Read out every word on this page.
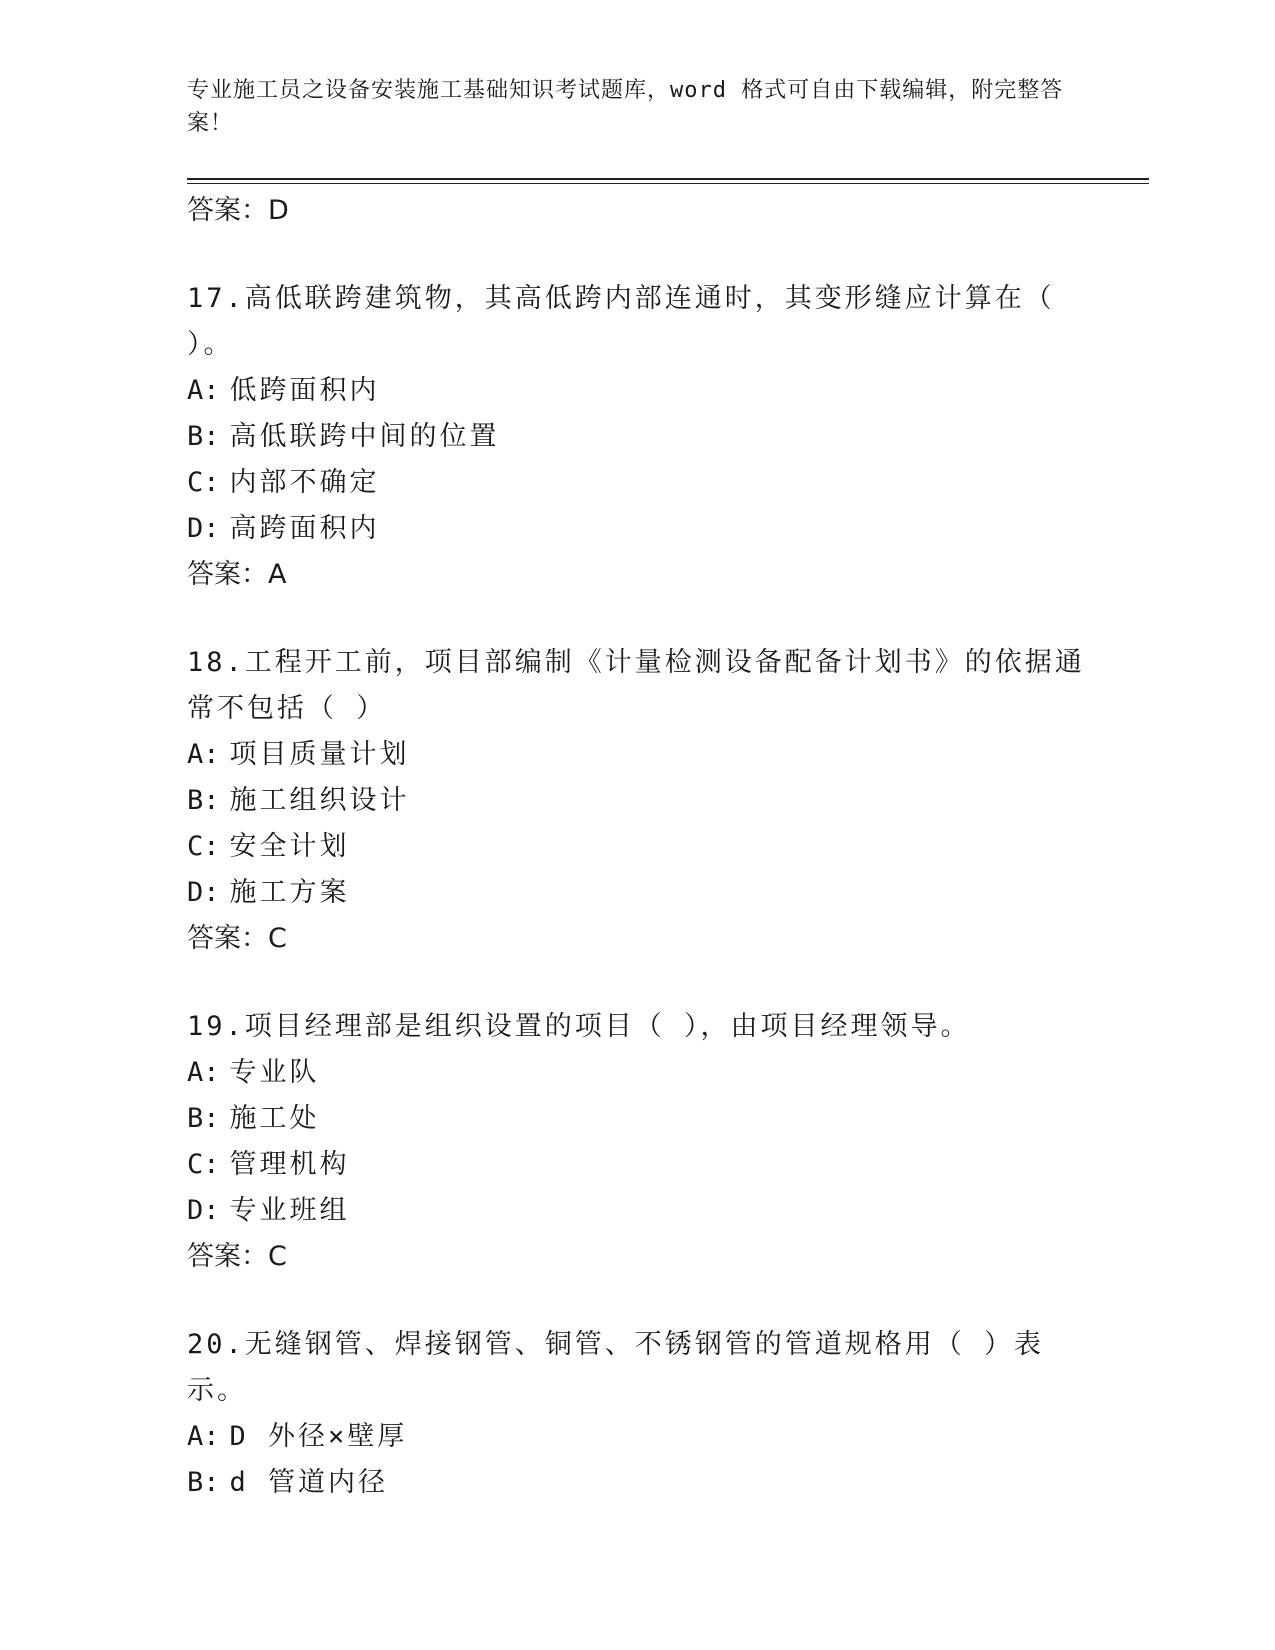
专业施工员之设备安装施工基础知识考试题库，word 格式可自由下载编辑，附完整答案！
答案：D
17.高低联跨建筑物，其高低跨内部连通时，其变形缝应计算在（ ）。
A: 低跨面积内
B: 高低联跨中间的位置
C: 内部不确定
D: 高跨面积内
答案：A
18.工程开工前，项目部编制《计量检测设备配备计划书》的依据通常不包括（ ）
A: 项目质量计划
B: 施工组织设计
C: 安全计划
D: 施工方案
答案：C
19.项目经理部是组织设置的项目（ ），由项目经理领导。
A: 专业队
B: 施工处
C: 管理机构
D: 专业班组
答案：C
20.无缝钢管、焊接钢管、铜管、不锈钢管的管道规格用（ ）表示。
A: D 外径×壁厚
B: d 管道内径
